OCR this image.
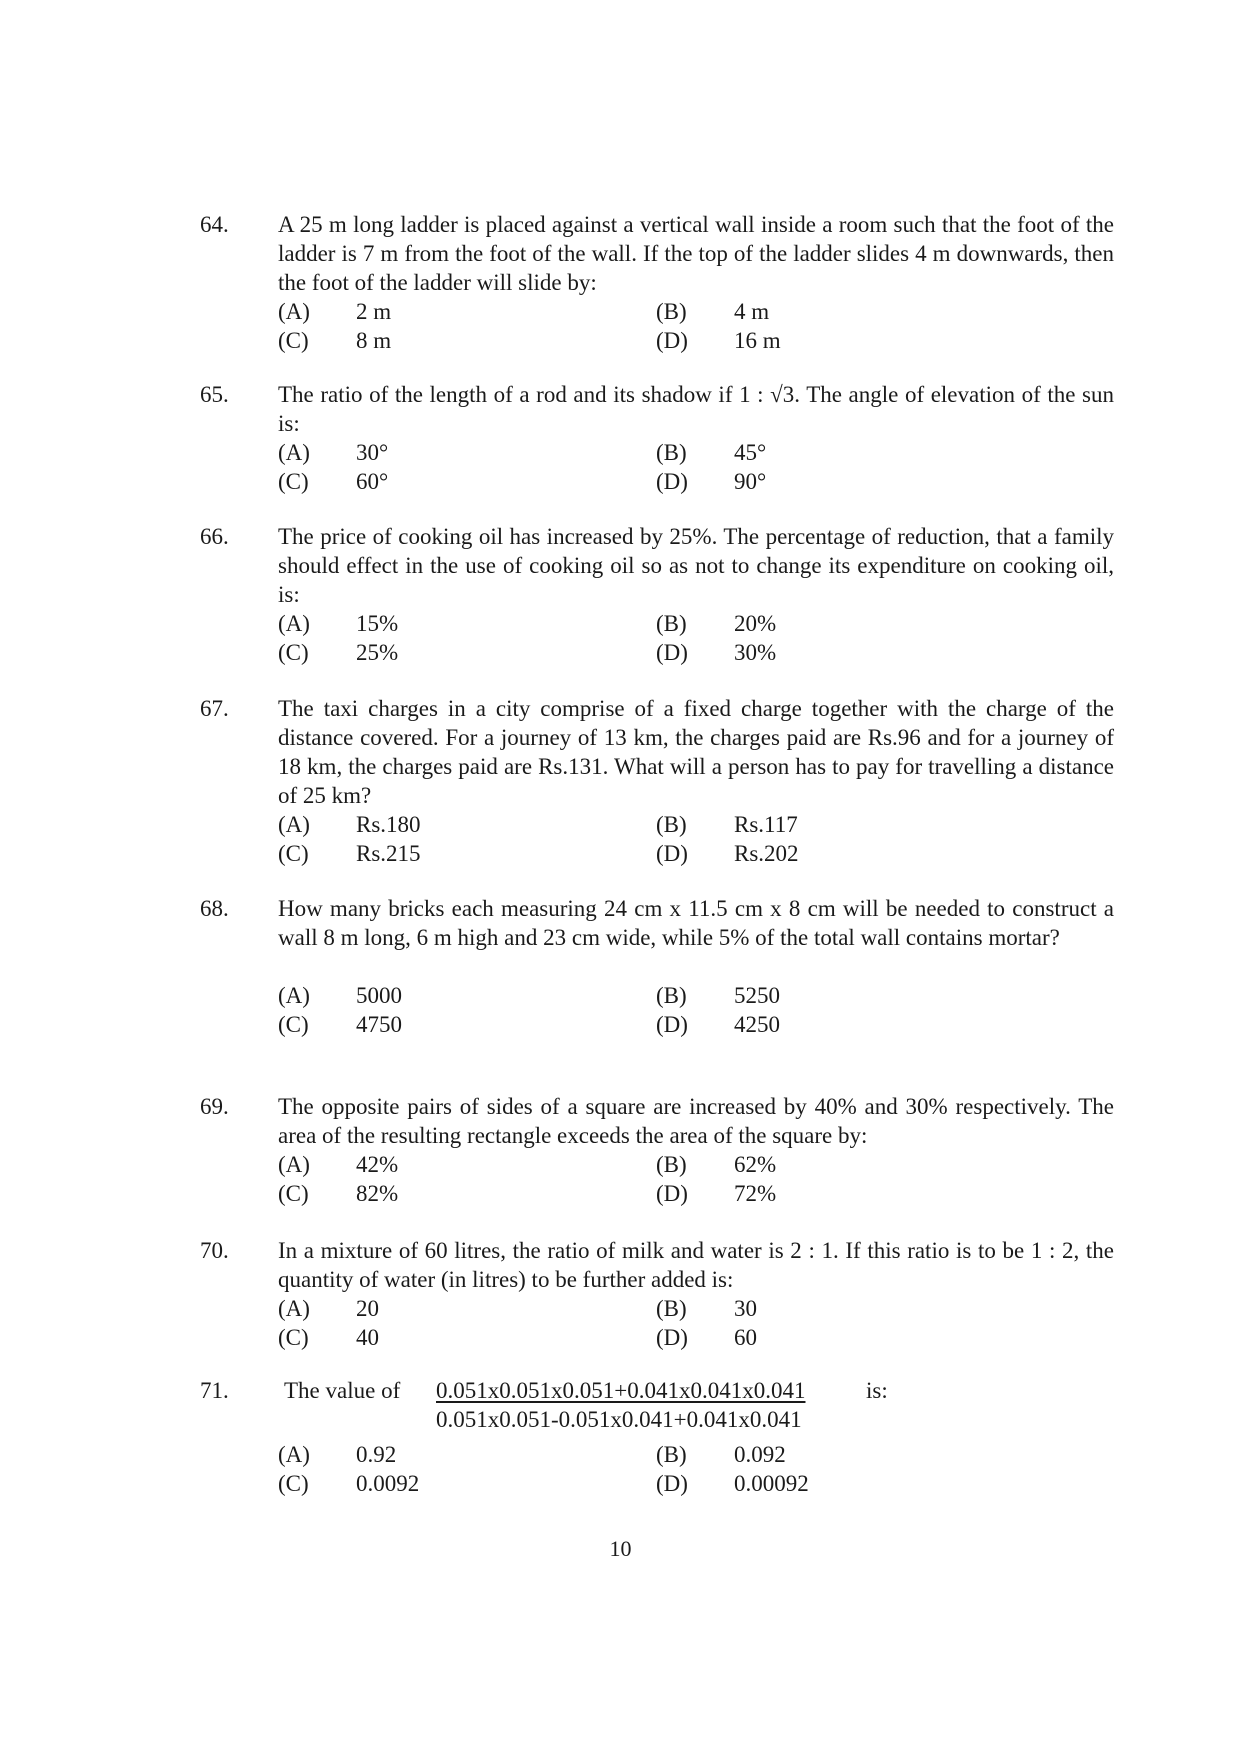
64. A 25 m long ladder is placed against a vertical wall inside a room such that the foot of the ladder is 7 m from the foot of the wall. If the top of the ladder slides 4 m downwards, then the foot of the ladder will slide by:
(A) 2 m	(B) 4 m
(C) 8 m	(D) 16 m
65. The ratio of the length of a rod and its shadow if 1 : √3. The angle of elevation of the sun is:
(A) 30°	(B) 45°
(C) 60°	(D) 90°
66. The price of cooking oil has increased by 25%. The percentage of reduction, that a family should effect in the use of cooking oil so as not to change its expenditure on cooking oil, is:
(A) 15%	(B) 20%
(C) 25%	(D) 30%
67. The taxi charges in a city comprise of a fixed charge together with the charge of the distance covered. For a journey of 13 km, the charges paid are Rs.96 and for a journey of 18 km, the charges paid are Rs.131. What will a person has to pay for travelling a distance of 25 km?
(A) Rs.180	(B) Rs.117
(C) Rs.215	(D) Rs.202
68. How many bricks each measuring 24 cm x 11.5 cm x 8 cm will be needed to construct a wall 8 m long, 6 m high and 23 cm wide, while 5% of the total wall contains mortar?
(A) 5000	(B) 5250
(C) 4750	(D) 4250
69. The opposite pairs of sides of a square are increased by 40% and 30% respectively. The area of the resulting rectangle exceeds the area of the square by:
(A) 42%	(B) 62%
(C) 82%	(D) 72%
70. In a mixture of 60 litres, the ratio of milk and water is 2 : 1. If this ratio is to be 1 : 2, the quantity of water (in litres) to be further added is:
(A) 20	(B) 30
(C) 40	(D) 60
71. The value of 0.051x0.051x0.051+0.041x0.041x0.041
0.051x0.051-0.051x0.041+0.041x0.041
is:
(A) 0.92	(B) 0.092
(C) 0.0092	(D) 0.00092
10
